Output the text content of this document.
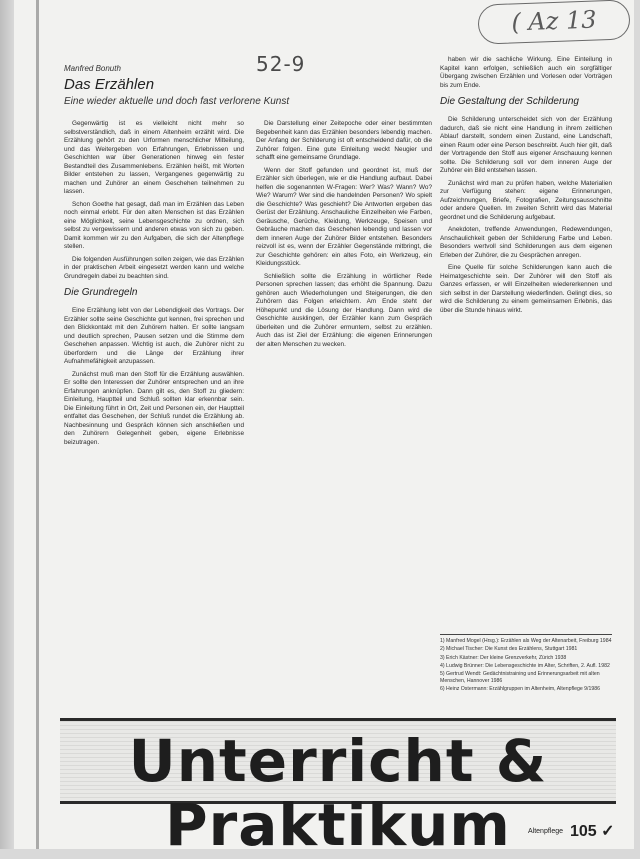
( Az 13
52-9
Manfred Bonuth
Das Erzählen
Eine wieder aktuelle und doch fast verlorene Kunst

Gegenwärtig ist es vielleicht nicht mehr so selbstverständlich, daß in einem Altenheim erzählt wird. Die Erzählung gehört zu den Urformen menschlicher Mitteilung, und das Weitergeben von Erfahrungen, Erlebnissen und Geschichten war über Generationen hinweg ein fester Bestandteil des Zusammenlebens. Erzählen heißt, mit Worten Bilder entstehen zu lassen, Vergangenes gegenwärtig zu machen und Zuhörer an einem Geschehen teilnehmen zu lassen.

Schon Goethe hat gesagt, daß man im Erzählen das Leben noch einmal erlebt. Für den alten Menschen ist das Erzählen eine Möglichkeit, seine Lebensgeschichte zu ordnen, sich selbst zu vergewissern und anderen etwas von sich zu geben. Damit kommen wir zu den Aufgaben, die sich der Altenpflege stellen.

Die folgenden Ausführungen sollen zeigen, wie das Erzählen in der praktischen Arbeit eingesetzt werden kann und welche Grundregeln dabei zu beachten sind.

Die Grundregeln

Eine Erzählung lebt von der Lebendigkeit des Vortrags. Der Erzähler sollte seine Geschichte gut kennen, frei sprechen und den Blickkontakt mit den Zuhörern halten. Er sollte langsam und deutlich sprechen, Pausen setzen und die Stimme dem Geschehen anpassen. Wichtig ist auch, die Zuhörer nicht zu überfordern und die Länge der Erzählung ihrer Aufnahmefähigkeit anzupassen.

Zunächst muß man den Stoff für die Erzählung auswählen. Er sollte den Interessen der Zuhörer entsprechen und an ihre Erfahrungen anknüpfen. Dann gilt es, den Stoff zu gliedern: Einleitung, Hauptteil und Schluß sollten klar erkennbar sein. Die Einleitung führt in Ort, Zeit und Personen ein, der Hauptteil entfaltet das Geschehen, der Schluß rundet die Erzählung ab. Nachbesinnung und Gespräch können sich anschließen und den Zuhörern Gelegenheit geben, eigene Erlebnisse beizutragen.

Die Darstellung einer Zeitepoche oder einer bestimmten Begebenheit kann das Erzählen besonders lebendig machen. Der Anfang der Schilderung ist oft entscheidend dafür, ob die Zuhörer folgen. Eine gute Einleitung weckt Neugier und schafft eine gemeinsame Grundlage.

Wenn der Stoff gefunden und geordnet ist, muß der Erzähler sich überlegen, wie er die Handlung aufbaut. Dabei helfen die sogenannten W-Fragen: Wer? Was? Wann? Wo? Wie? Warum? Wer sind die handelnden Personen? Wo spielt die Geschichte? Was geschieht? Die Antworten ergeben das Gerüst der Erzählung. Anschauliche Einzelheiten wie Farben, Geräusche, Gerüche, Kleidung, Werkzeuge, Speisen und Gebräuche machen das Geschehen lebendig und lassen vor dem inneren Auge der Zuhörer Bilder entstehen. Besonders reizvoll ist es, wenn der Erzähler Gegenstände mitbringt, die zur Geschichte gehören: ein altes Foto, ein Werkzeug, ein Kleidungsstück.

Schließlich sollte die Erzählung in wörtlicher Rede Personen sprechen lassen; das erhöht die Spannung. Dazu gehören auch Wiederholungen und Steigerungen, die den Zuhörern das Folgen erleichtern. Am Ende steht der Höhepunkt und die Lösung der Handlung. Dann wird die Geschichte ausklingen, der Erzähler kann zum Gespräch überleiten und die Zuhörer ermuntern, selbst zu erzählen. Auch das ist Ziel der Erzählung: die eigenen Erinnerungen der alten Menschen zu wecken.

haben wir die sachliche Wirkung. Eine Einteilung in Kapitel kann erfolgen, schließlich auch ein sorgfältiger Übergang zwischen Erzählen und Vorlesen oder Vorträgen bis zum Ende.

Die Gestaltung der Schilderung

Die Schilderung unterscheidet sich von der Erzählung dadurch, daß sie nicht eine Handlung in ihrem zeitlichen Ablauf darstellt, sondern einen Zustand, eine Landschaft, einen Raum oder eine Person beschreibt. Auch hier gilt, daß der Vortragende den Stoff aus eigener Anschauung kennen sollte. Die Schilderung soll vor dem inneren Auge der Zuhörer ein Bild entstehen lassen.

Zunächst wird man zu prüfen haben, welche Materialien zur Verfügung stehen: eigene Erinnerungen, Aufzeichnungen, Briefe, Fotografien, Zeitungsausschnitte oder andere Quellen. Im zweiten Schritt wird das Material geordnet und die Schilderung aufgebaut.

Anekdoten, treffende Anwendungen, Redewendungen, Anschaulichkeit geben der Schilderung Farbe und Leben. Besonders wertvoll sind Schilderungen aus dem eigenen Erleben der Zuhörer, die zu Gesprächen anregen.

Eine Quelle für solche Schilderungen kann auch die Heimatgeschichte sein. Der Zuhörer will den Stoff als Ganzes erfassen, er will Einzelheiten wiedererkennen und sich selbst in der Darstellung wiederfinden. Gelingt dies, so wird die Schilderung zu einem gemeinsamen Erlebnis, das über die Stunde hinaus wirkt.

1) Manfred Mogel (Hrsg.): Erzählen als Weg der Altenarbeit, Freiburg 1984

2) Michael Tischer: Die Kunst des Erzählens, Stuttgart 1981

3) Erich Kästner: Der kleine Grenzverkehr, Zürich 1938

4) Ludwig Brünner: Die Lebensgeschichte im Alter, Schriften, 2. Aufl. 1982

5) Gertrud Wendt: Gedächtnistraining und Erinnerungsarbeit mit alten Menschen, Hannover 1986

6) Heinz Ostermann: Erzählgruppen im Altenheim, Altenpflege 9/1986

Unterricht & Praktikum	Altenpflege 105 ✓
